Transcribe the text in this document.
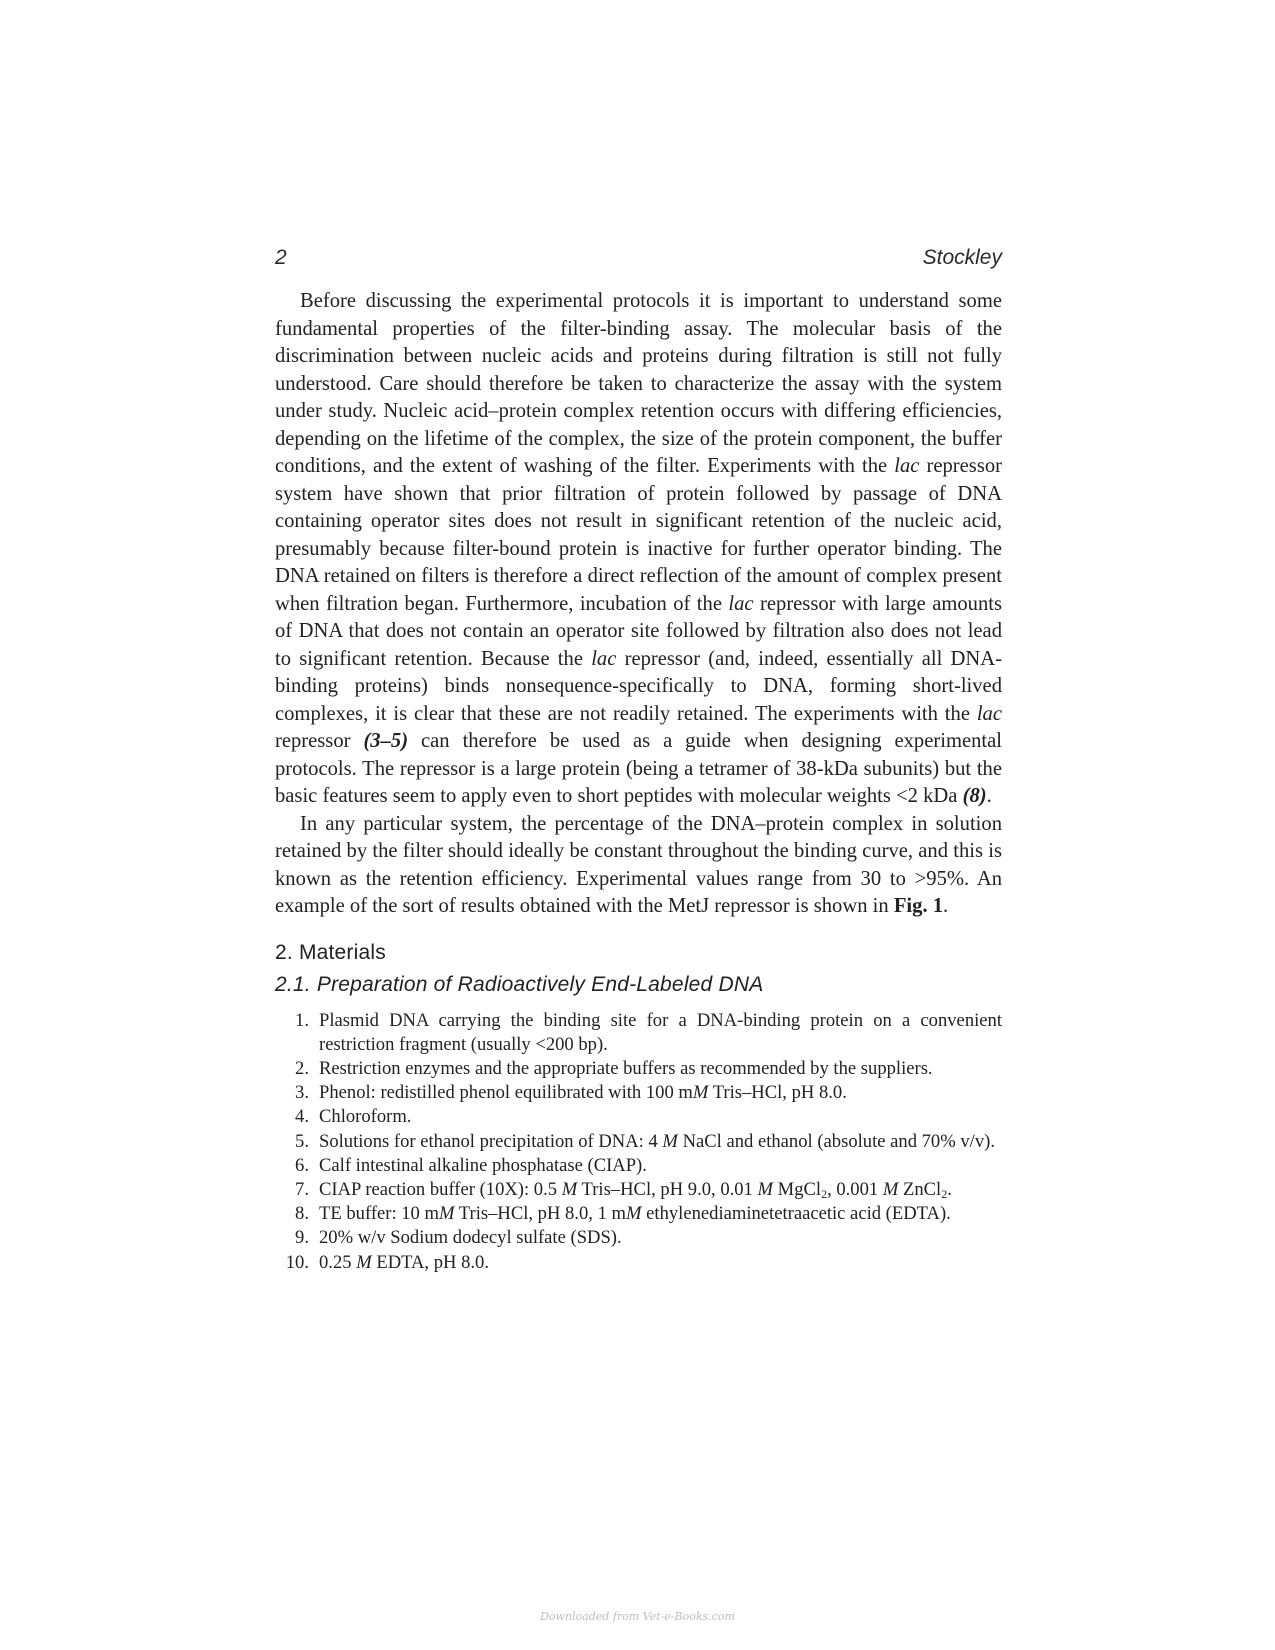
2	Stockley

Before discussing the experimental protocols it is important to understand some fundamental properties of the filter-binding assay. The molecular basis of the discrimination between nucleic acids and proteins during filtration is still not fully understood. Care should therefore be taken to characterize the assay with the system under study. Nucleic acid–protein complex retention occurs with differing efficiencies, depending on the lifetime of the complex, the size of the protein component, the buffer conditions, and the extent of washing of the filter. Experiments with the lac repressor system have shown that prior filtration of protein followed by passage of DNA containing operator sites does not result in significant retention of the nucleic acid, presumably because filter-bound protein is inactive for further operator binding. The DNA retained on filters is therefore a direct reflection of the amount of complex present when filtration began. Furthermore, incubation of the lac repressor with large amounts of DNA that does not contain an operator site followed by filtration also does not lead to significant retention. Because the lac repressor (and, indeed, essentially all DNA-binding proteins) binds nonsequence-specifically to DNA, forming short-lived complexes, it is clear that these are not readily retained. The experiments with the lac repressor (3–5) can therefore be used as a guide when designing experimental protocols. The repressor is a large protein (being a tetramer of 38-kDa subunits) but the basic features seem to apply even to short peptides with molecular weights <2 kDa (8).

In any particular system, the percentage of the DNA–protein complex in solution retained by the filter should ideally be constant throughout the binding curve, and this is known as the retention efficiency. Experimental values range from 30 to >95%. An example of the sort of results obtained with the MetJ repressor is shown in Fig. 1.

2. Materials
2.1. Preparation of Radioactively End-Labeled DNA
1. Plasmid DNA carrying the binding site for a DNA-binding protein on a convenient restriction fragment (usually <200 bp).
2. Restriction enzymes and the appropriate buffers as recommended by the suppliers.
3. Phenol: redistilled phenol equilibrated with 100 mM Tris–HCl, pH 8.0.
4. Chloroform.
5. Solutions for ethanol precipitation of DNA: 4 M NaCl and ethanol (absolute and 70% v/v).
6. Calf intestinal alkaline phosphatase (CIAP).
7. CIAP reaction buffer (10X): 0.5 M Tris–HCl, pH 9.0, 0.01 M MgCl$_2$, 0.001 M ZnCl$_2$.
8. TE buffer: 10 mM Tris–HCl, pH 8.0, 1 mM ethylenediaminetetraacetic acid (EDTA).
9. 20% w/v Sodium dodecyl sulfate (SDS).
10. 0.25 M EDTA, pH 8.0.
Downloaded from Vet-e-Books.com
